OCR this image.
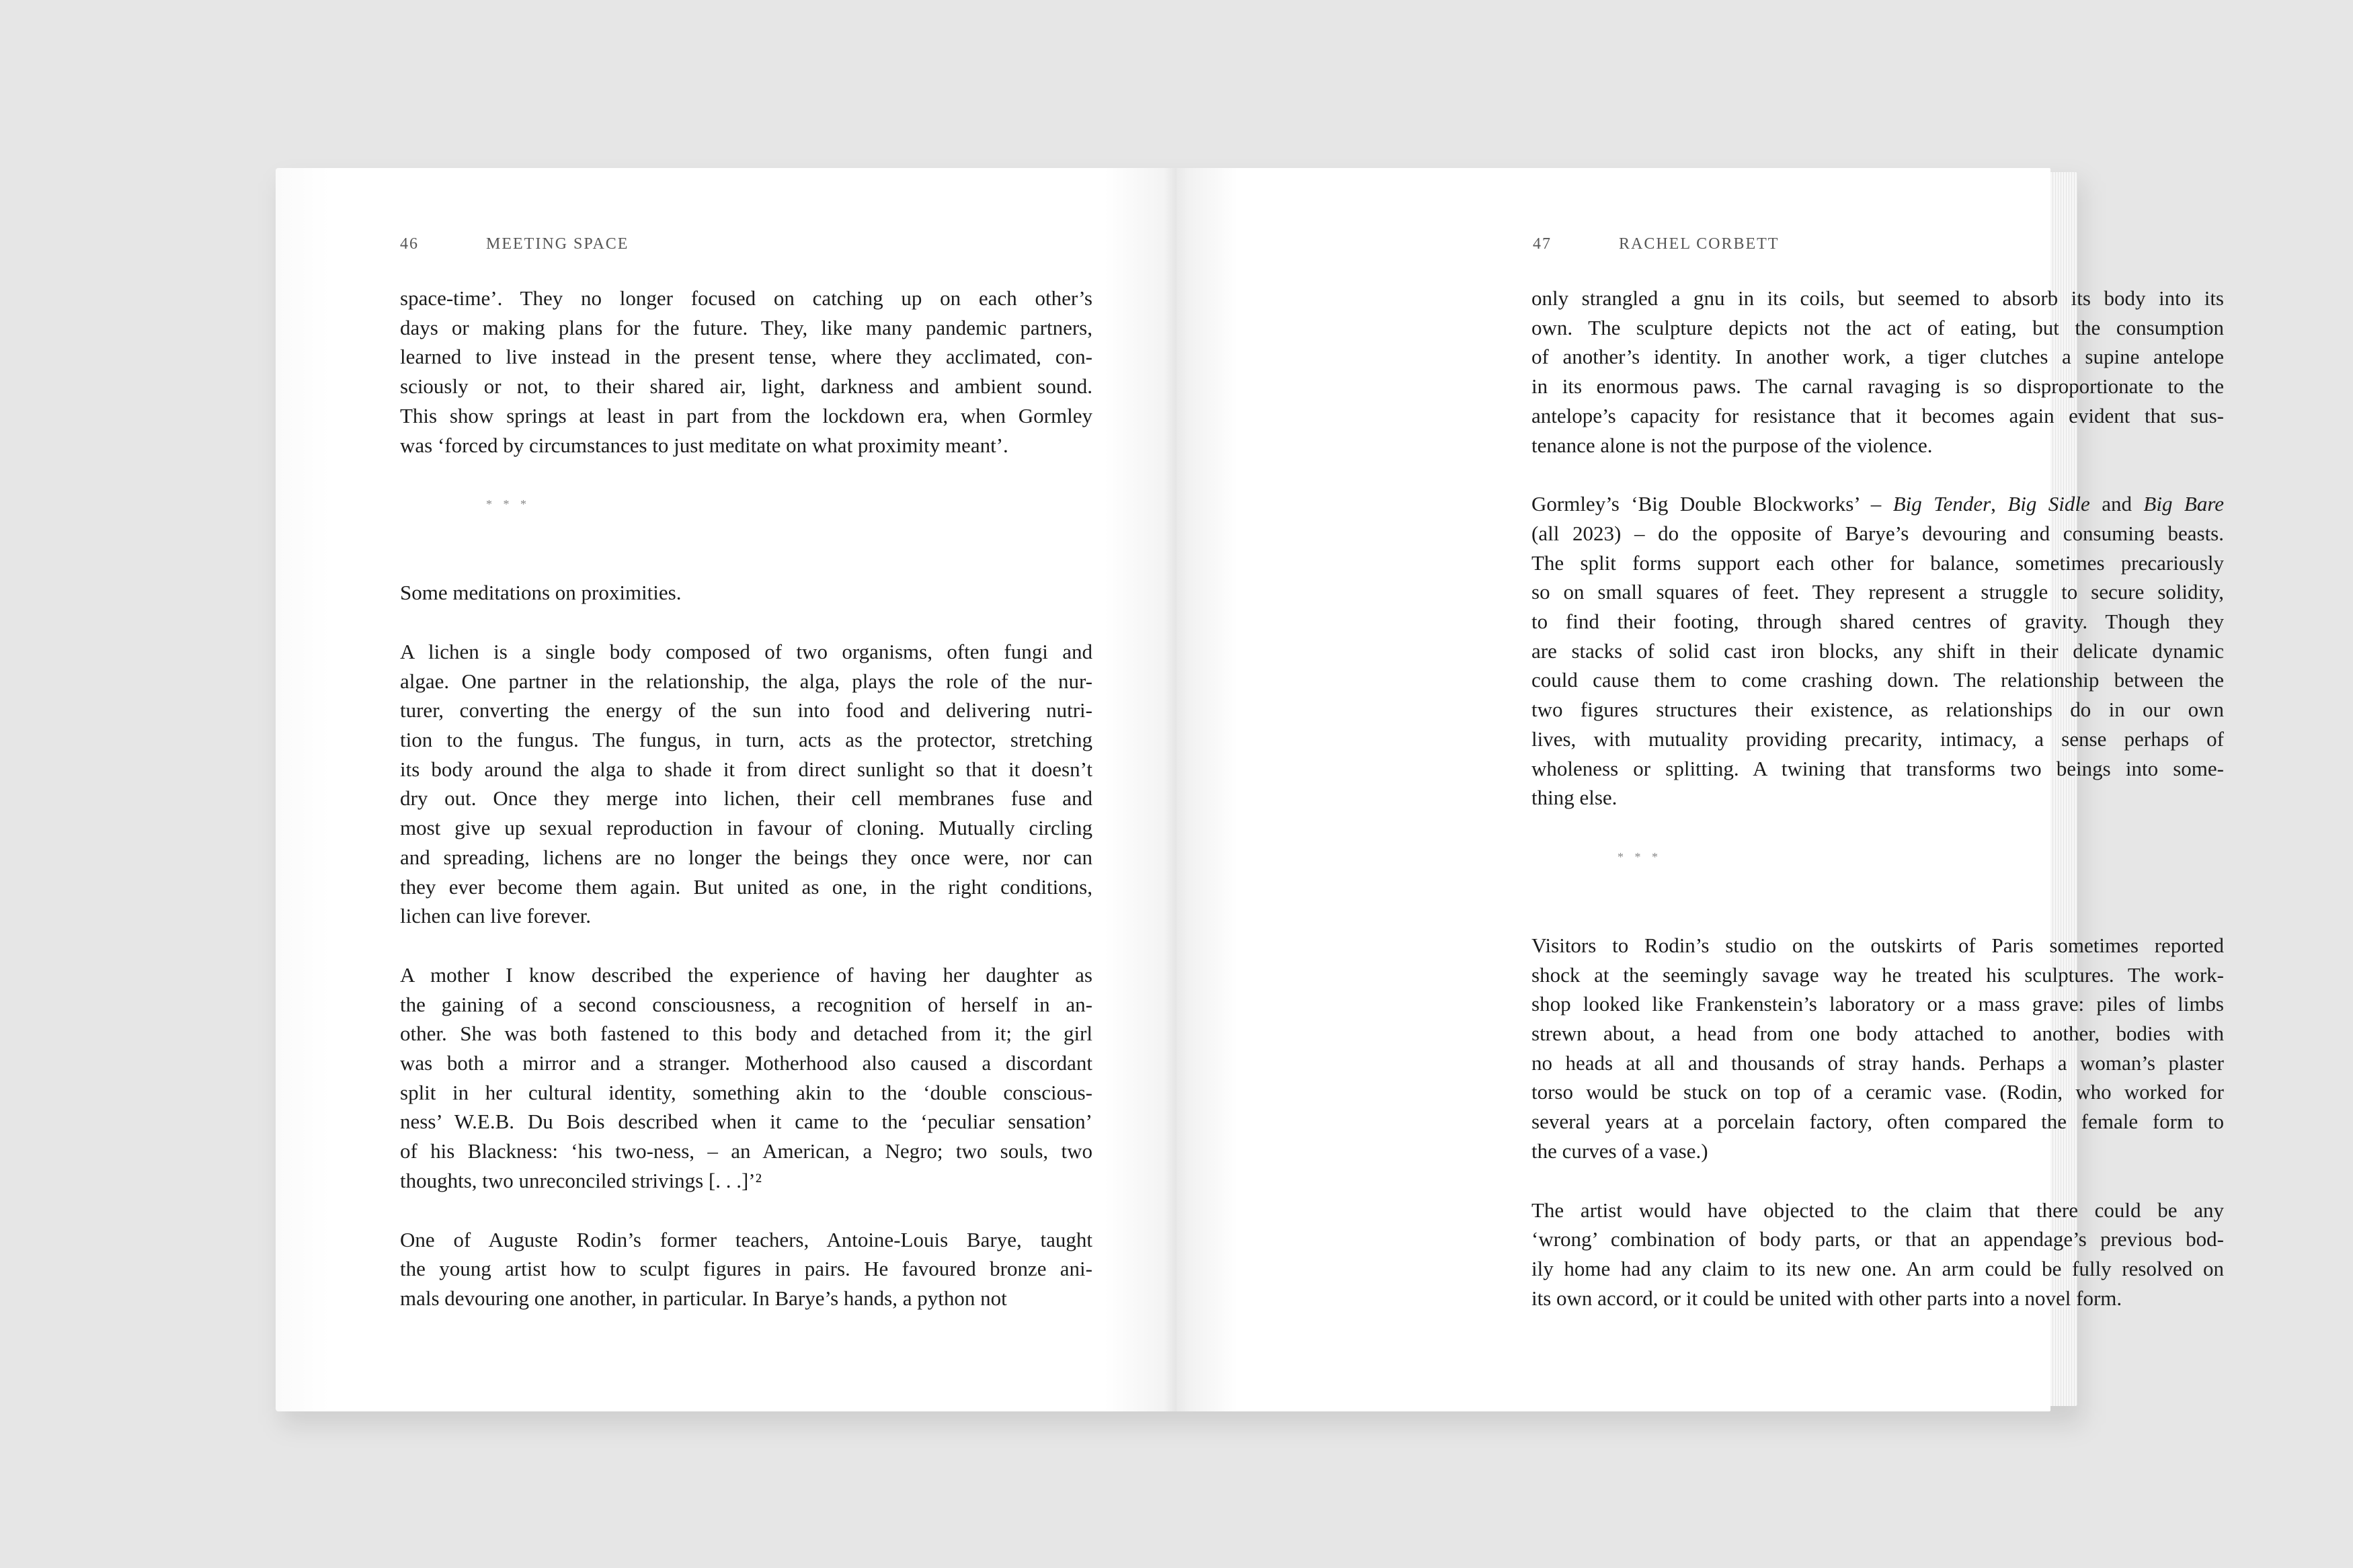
46	MEETING SPACE
space-time’. They no longer focused on catching up on each other’s
days or making plans for the future. They, like many pandemic partners,
learned to live instead in the present tense, where they acclimated, con-
sciously or not, to their shared air, light, darkness and ambient sound.
This show springs at least in part from the lockdown era, when Gormley
was ‘forced by circumstances to just meditate on what proximity meant’.
* * *
Some meditations on proximities.
A lichen is a single body composed of two organisms, often fungi and
algae. One partner in the relationship, the alga, plays the role of the nur-
turer, converting the energy of the sun into food and delivering nutri-
tion to the fungus. The fungus, in turn, acts as the protector, stretching
its body around the alga to shade it from direct sunlight so that it doesn’t
dry out. Once they merge into lichen, their cell membranes fuse and
most give up sexual reproduction in favour of cloning. Mutually circling
and spreading, lichens are no longer the beings they once were, nor can
they ever become them again. But united as one, in the right conditions,
lichen can live forever.
A mother I know described the experience of having her daughter as
the gaining of a second consciousness, a recognition of herself in an-
other. She was both fastened to this body and detached from it; the girl
was both a mirror and a stranger. Motherhood also caused a discordant
split in her cultural identity, something akin to the ‘double conscious-
ness’ W.E.B. Du Bois described when it came to the ‘peculiar sensation’
of his Blackness: ‘his two-ness, – an American, a Negro; two souls, two
thoughts, two unreconciled strivings [. . .]’²
One of Auguste Rodin’s former teachers, Antoine-Louis Barye, taught
the young artist how to sculpt figures in pairs. He favoured bronze ani-
mals devouring one another, in particular. In Barye’s hands, a python not
47	RACHEL CORBETT
only strangled a gnu in its coils, but seemed to absorb its body into its
own. The sculpture depicts not the act of eating, but the consumption
of another’s identity. In another work, a tiger clutches a supine antelope
in its enormous paws. The carnal ravaging is so disproportionate to the
antelope’s capacity for resistance that it becomes again evident that sus-
tenance alone is not the purpose of the violence.
Gormley’s ‘Big Double Blockworks’ – Big Tender, Big Sidle and Big Bare
(all 2023) – do the opposite of Barye’s devouring and consuming beasts.
The split forms support each other for balance, sometimes precariously
so on small squares of feet. They represent a struggle to secure solidity,
to find their footing, through shared centres of gravity. Though they
are stacks of solid cast iron blocks, any shift in their delicate dynamic
could cause them to come crashing down. The relationship between the
two figures structures their existence, as relationships do in our own
lives, with mutuality providing precarity, intimacy, a sense perhaps of
wholeness or splitting. A twining that transforms two beings into some-
thing else.
* * *
Visitors to Rodin’s studio on the outskirts of Paris sometimes reported
shock at the seemingly savage way he treated his sculptures. The work-
shop looked like Frankenstein’s laboratory or a mass grave: piles of limbs
strewn about, a head from one body attached to another, bodies with
no heads at all and thousands of stray hands. Perhaps a woman’s plaster
torso would be stuck on top of a ceramic vase. (Rodin, who worked for
several years at a porcelain factory, often compared the female form to
the curves of a vase.)
The artist would have objected to the claim that there could be any
‘wrong’ combination of body parts, or that an appendage’s previous bod-
ily home had any claim to its new one. An arm could be fully resolved on
its own accord, or it could be united with other parts into a novel form.
